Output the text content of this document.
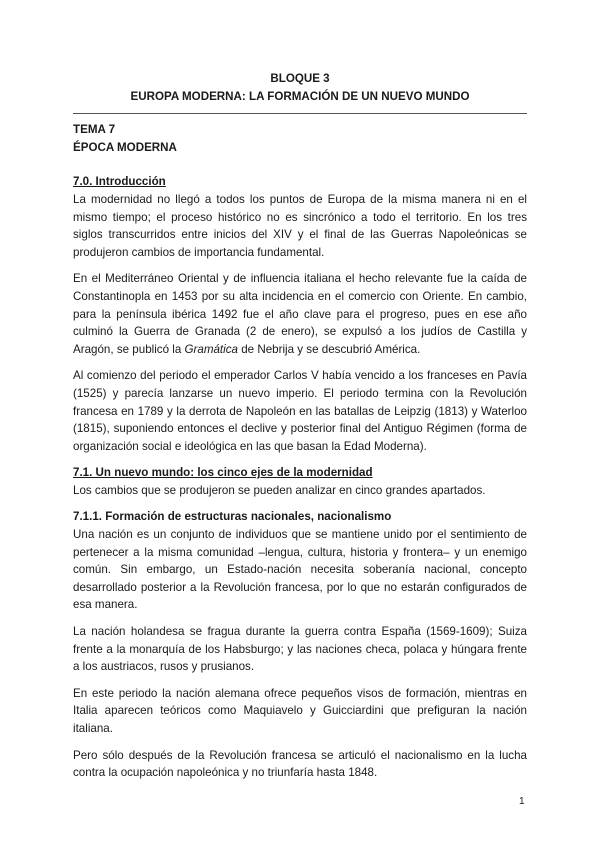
BLOQUE 3
EUROPA MODERNA: LA FORMACIÓN DE UN NUEVO MUNDO
TEMA 7
ÉPOCA MODERNA
7.0. Introducción
La modernidad no llegó a todos los puntos de Europa de la misma manera ni en el
mismo tiempo; el proceso histórico no es sincrónico a todo el territorio. En los tres
siglos transcurridos entre inicios del XIV y el final de las Guerras Napoleónicas se
produjeron cambios de importancia fundamental.
En el Mediterráneo Oriental y de influencia italiana el hecho relevante fue la caída de
Constantinopla en 1453 por su alta incidencia en el comercio con Oriente. En cambio,
para la península ibérica 1492 fue el año clave para el progreso, pues en ese año
culminó la Guerra de Granada (2 de enero), se expulsó a los judíos de Castilla y
Aragón, se publicó la Gramática de Nebrija y se descubrió América.
Al comienzo del periodo el emperador Carlos V había vencido a los franceses en Pavía
(1525) y parecía lanzarse un nuevo imperio. El periodo termina con la Revolución
francesa en 1789 y la derrota de Napoleón en las batallas de Leipzig (1813) y Waterloo
(1815), suponiendo entonces el declive y posterior final del Antiguo Régimen (forma de
organización social e ideológica en las que basan la Edad Moderna).
7.1. Un nuevo mundo: los cinco ejes de la modernidad
Los cambios que se produjeron se pueden analizar en cinco grandes apartados.
7.1.1. Formación de estructuras nacionales, nacionalismo
Una nación es un conjunto de individuos que se mantiene unido por el sentimiento de
pertenecer a la misma comunidad –lengua, cultura, historia y frontera– y un enemigo
común. Sin embargo, un Estado-nación necesita soberanía nacional, concepto
desarrollado posterior a la Revolución francesa, por lo que no estarán configurados de
esa manera.
La nación holandesa se fragua durante la guerra contra España (1569-1609); Suiza
frente a la monarquía de los Habsburgo; y las naciones checa, polaca y húngara frente
a los austriacos, rusos y prusianos.
En este periodo la nación alemana ofrece pequeños visos de formación, mientras en
Italia aparecen teóricos como Maquiavelo y Guicciardini que prefiguran la nación
italiana.
Pero sólo después de la Revolución francesa se articuló el nacionalismo en la lucha
contra la ocupación napoleónica y no triunfaría hasta 1848.
1
